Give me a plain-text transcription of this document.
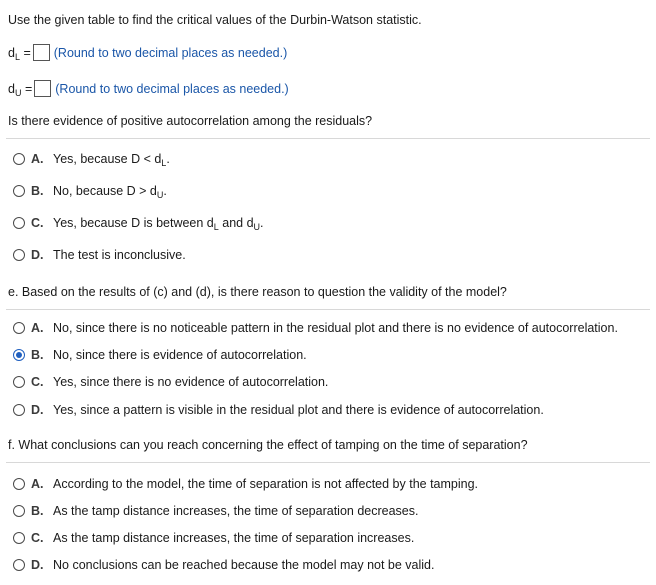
Use the given table to find the critical values of the Durbin-Watson statistic.
$d_L$ = (Round to two decimal places as needed.)
$d_U$ = (Round to two decimal places as needed.)
Is there evidence of positive autocorrelation among the residuals?
A. Yes, because $D < d_L$.
B. No, because $D > d_U$.
C. Yes, because D is between $d_L$ and $d_U$.
D. The test is inconclusive.
e. Based on the results of (c) and (d), is there reason to question the validity of the model?
A. No, since there is no noticeable pattern in the residual plot and there is no evidence of autocorrelation.
B. No, since there is evidence of autocorrelation.
C. Yes, since there is no evidence of autocorrelation.
D. Yes, since a pattern is visible in the residual plot and there is evidence of autocorrelation.
f. What conclusions can you reach concerning the effect of tamping on the time of separation?
A. According to the model, the time of separation is not affected by the tamping.
B. As the tamp distance increases, the time of separation decreases.
C. As the tamp distance increases, the time of separation increases.
D. No conclusions can be reached because the model may not be valid.
